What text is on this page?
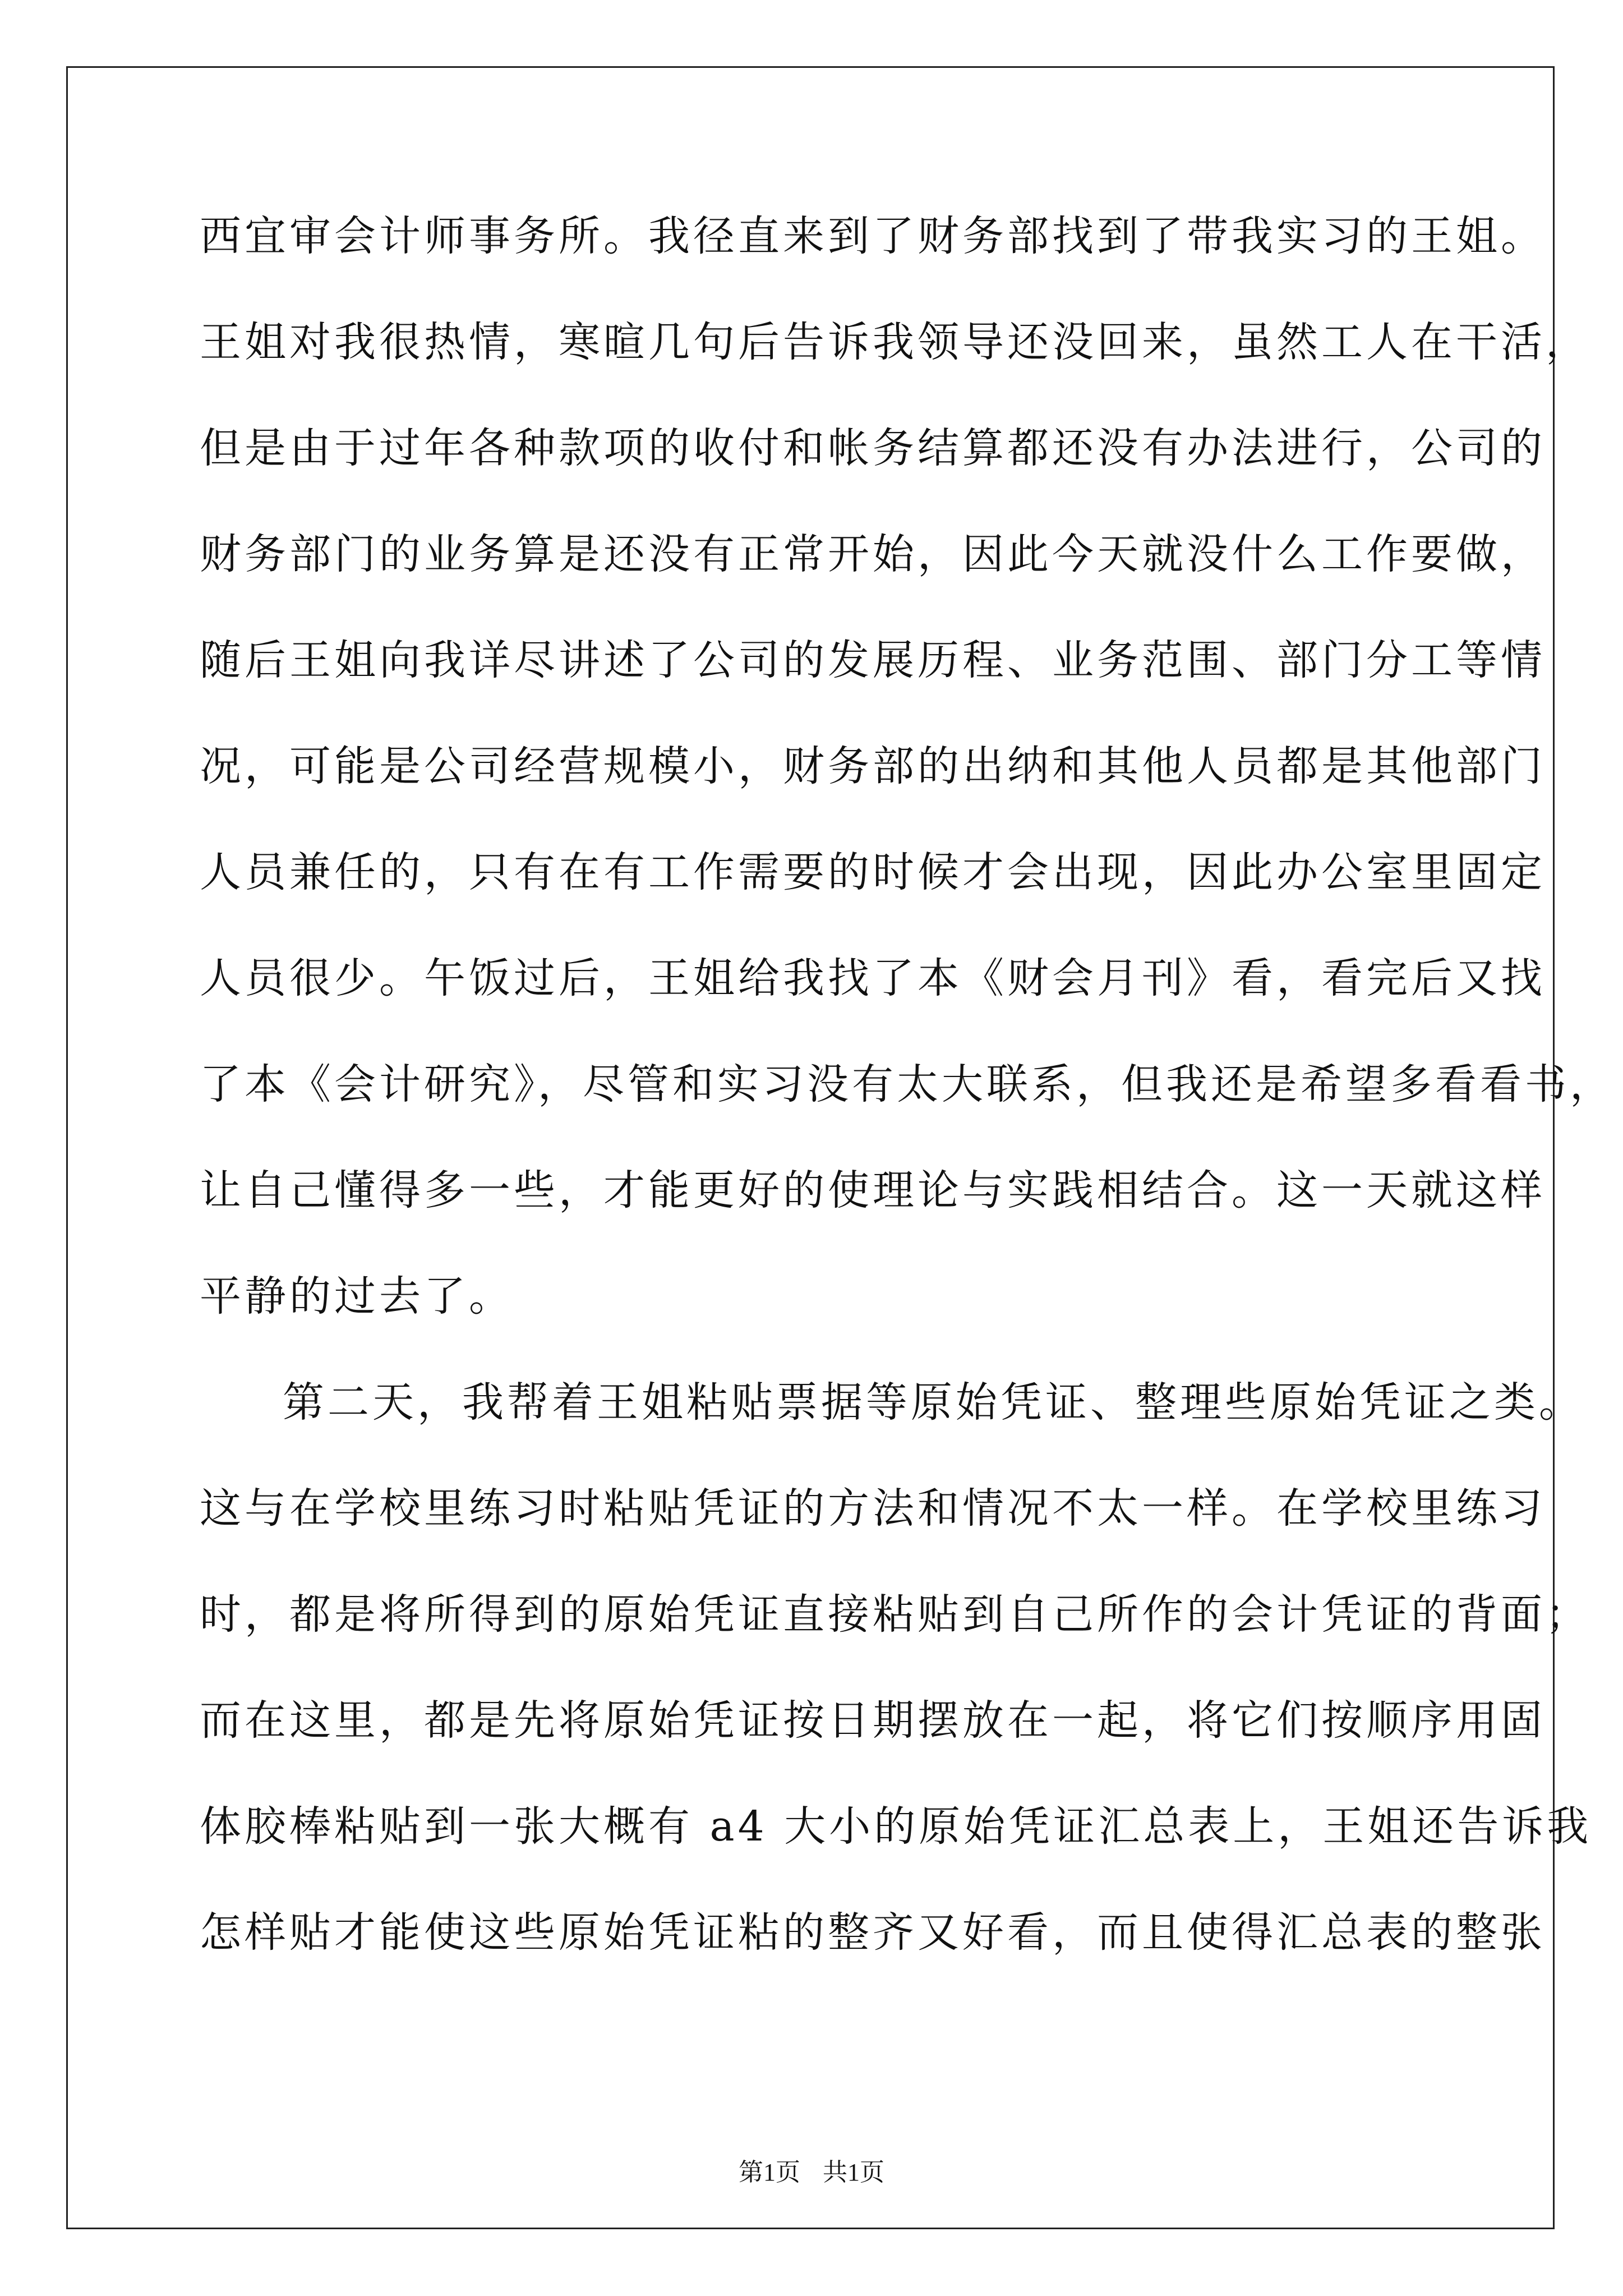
西宜审会计师事务所。我径直来到了财务部找到了带我实习的王姐。
王姐对我很热情，寒暄几句后告诉我领导还没回来，虽然工人在干活，
但是由于过年各种款项的收付和帐务结算都还没有办法进行，公司的
财务部门的业务算是还没有正常开始，因此今天就没什么工作要做，
随后王姐向我详尽讲述了公司的发展历程、业务范围、部门分工等情
况，可能是公司经营规模小，财务部的出纳和其他人员都是其他部门
人员兼任的，只有在有工作需要的时候才会出现，因此办公室里固定
人员很少。午饭过后，王姐给我找了本《财会月刊》看，看完后又找
了本《会计研究》，尽管和实习没有太大联系，但我还是希望多看看书，
让自己懂得多一些，才能更好的使理论与实践相结合。这一天就这样
平静的过去了。
第二天，我帮着王姐粘贴票据等原始凭证、整理些原始凭证之类。
这与在学校里练习时粘贴凭证的方法和情况不太一样。在学校里练习
时，都是将所得到的原始凭证直接粘贴到自己所作的会计凭证的背面；
而在这里，都是先将原始凭证按日期摆放在一起，将它们按顺序用固
体胶棒粘贴到一张大概有 a4 大小的原始凭证汇总表上，王姐还告诉我
怎样贴才能使这些原始凭证粘的整齐又好看，而且使得汇总表的整张
第1页 共1页
